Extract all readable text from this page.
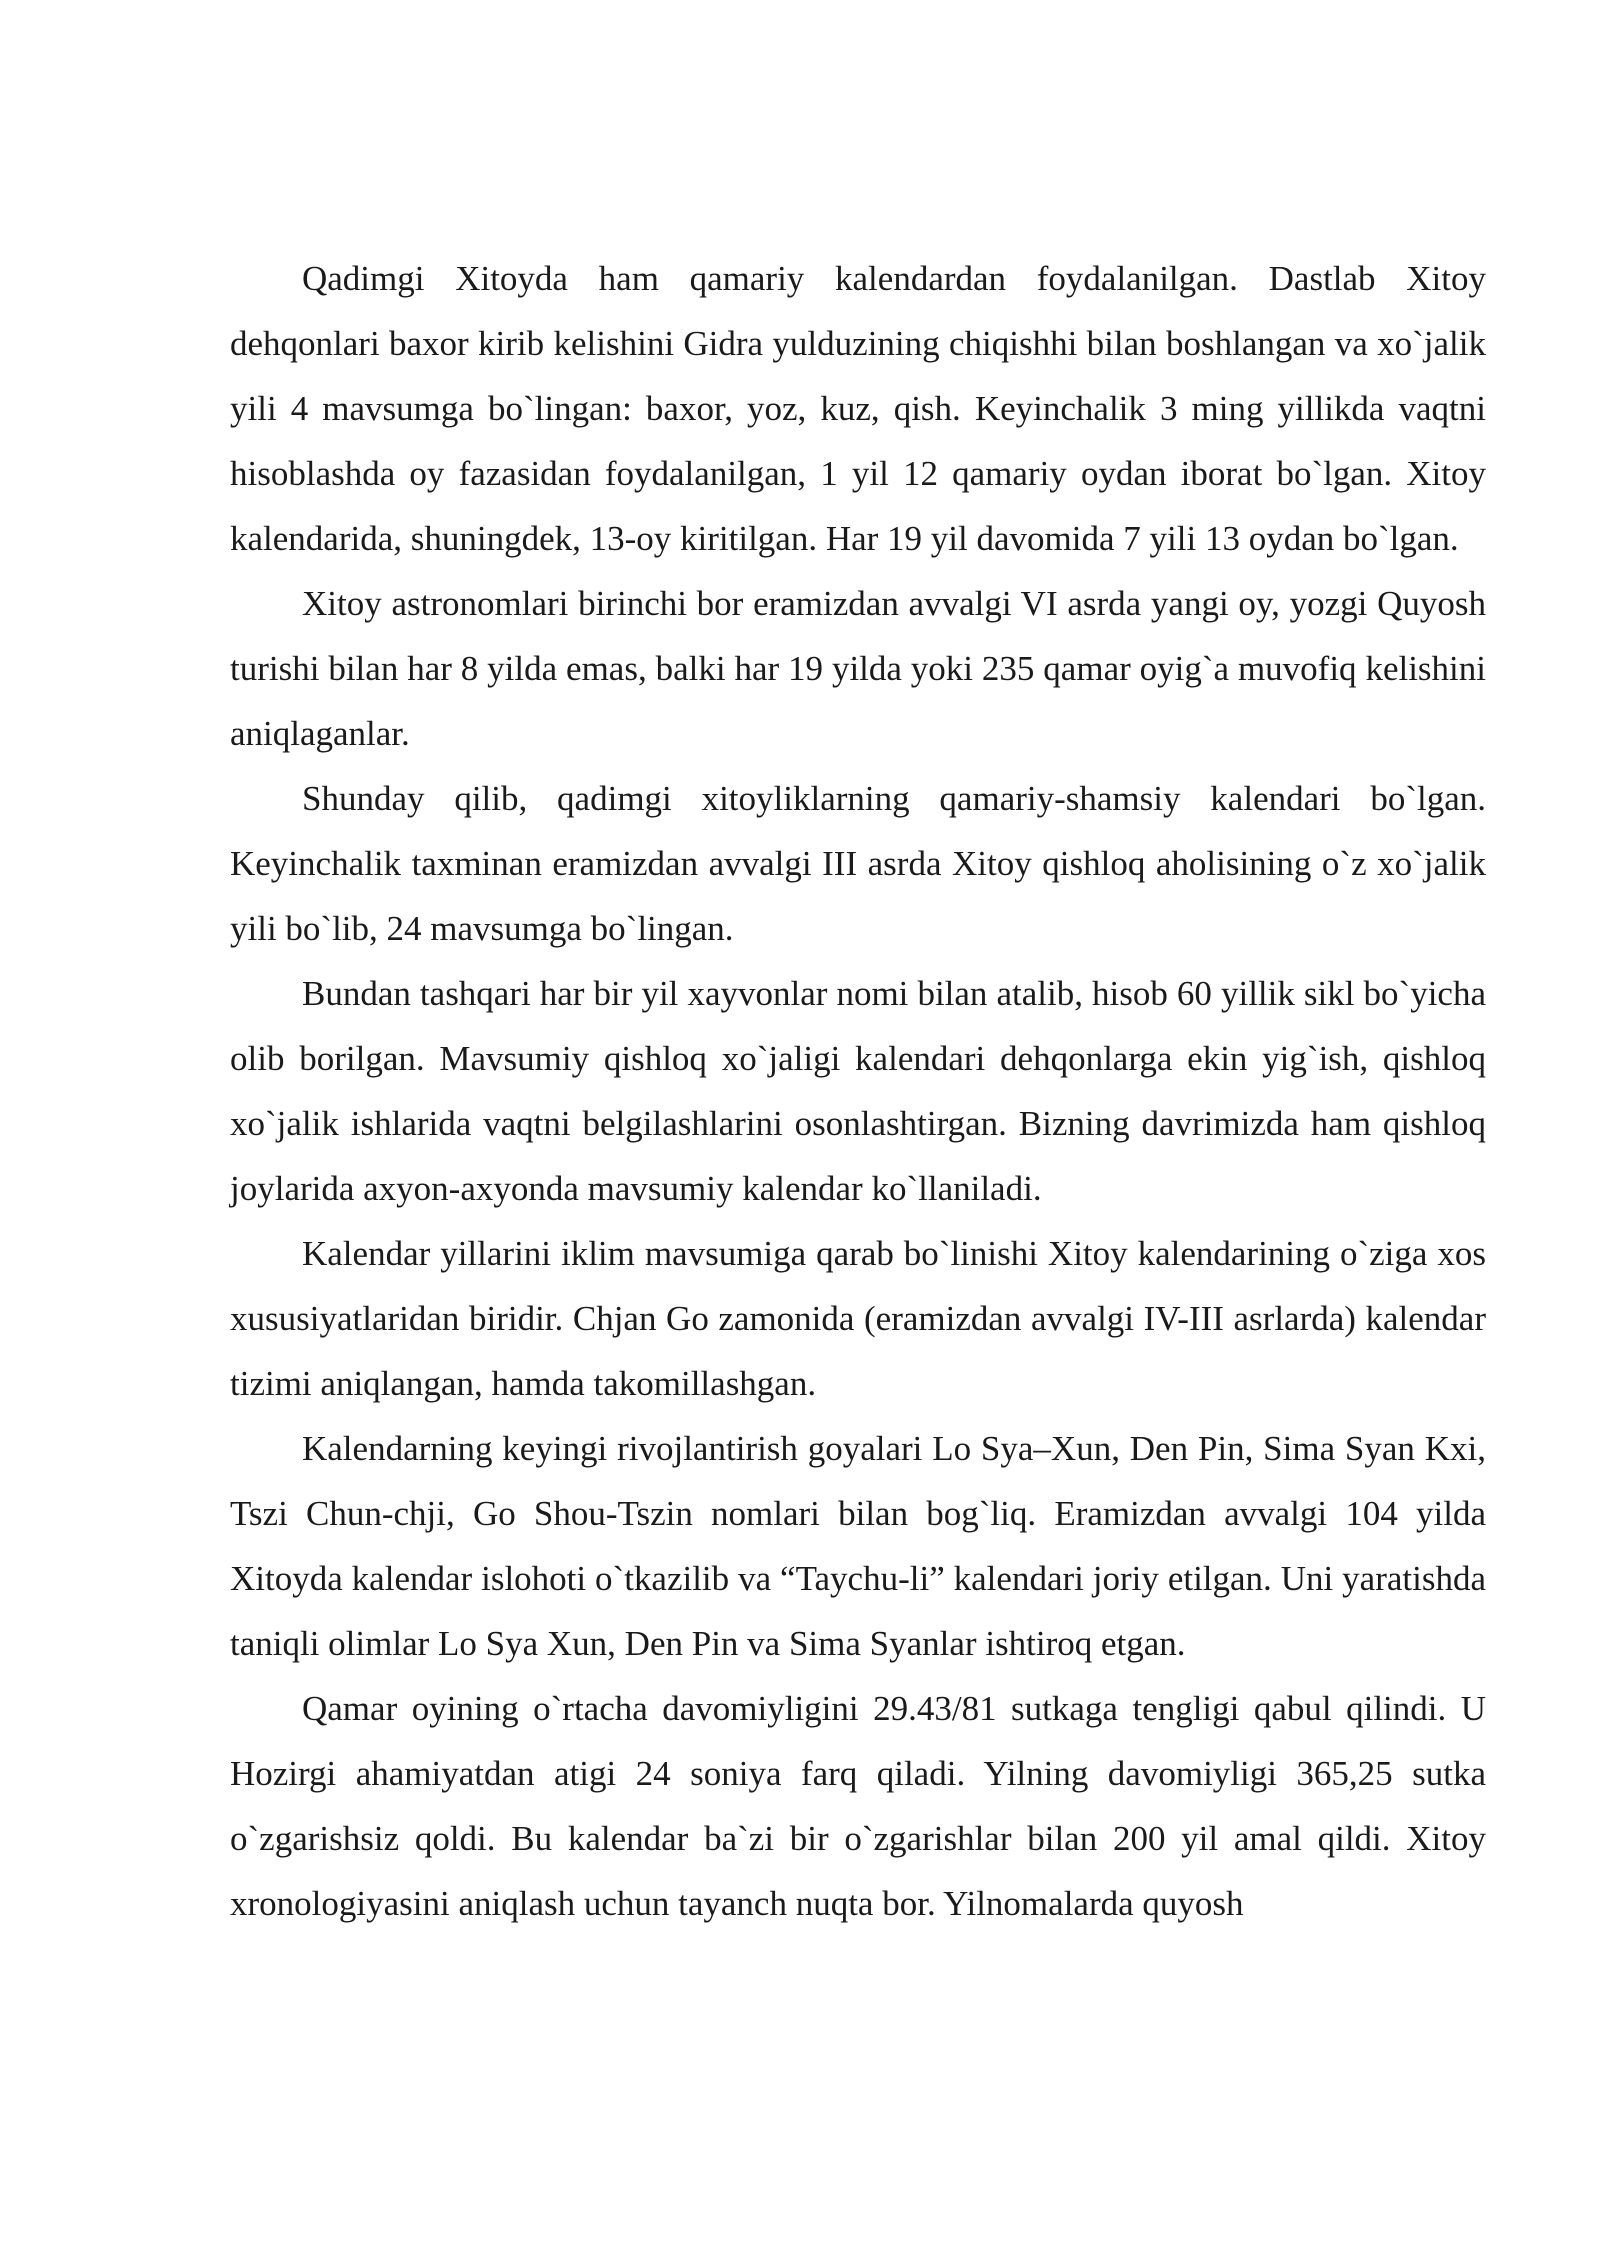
Qadimgi Xitoyda ham qamariy kalendardan foydalanilgan. Dastlab Xitoy dehqonlari baxor kirib kelishini Gidra yulduzining chiqishhi bilan boshlangan va xo`jalik yili 4 mavsumga bo`lingan: baxor, yoz, kuz, qish. Keyinchalik 3 ming yillikda vaqtni hisoblashda oy fazasidan foydalanilgan, 1 yil 12 qamariy oydan iborat bo`lgan. Xitoy kalendarida, shuningdek, 13-oy kiritilgan. Har 19 yil davomida 7 yili 13 oydan bo`lgan.

Xitoy astronomlari birinchi bor eramizdan avvalgi VI asrda yangi oy, yozgi Quyosh turishi bilan har 8 yilda emas, balki har 19 yilda yoki 235 qamar oyig`a muvofiq kelishini aniqlaganlar.

Shunday qilib, qadimgi xitoyliklarning qamariy-shamsiy kalendari bo`lgan. Keyinchalik taxminan eramizdan avvalgi III asrda Xitoy qishloq aholisining o`z xo`jalik yili bo`lib, 24 mavsumga bo`lingan.

Bundan tashqari har bir yil xayvonlar nomi bilan atalib, hisob 60 yillik sikl bo`yicha olib borilgan. Mavsumiy qishloq xo`jaligi kalendari dehqonlarga ekin yig`ish, qishloq xo`jalik ishlarida vaqtni belgilashlarini osonlashtirgan. Bizning davrimizda ham qishloq joylarida axyon-axyonda mavsumiy kalendar ko`llaniladi.

Kalendar yillarini iklim mavsumiga qarab bo`linishi Xitoy kalendarining o`ziga xos xususiyatlaridan biridir. Chjan Go zamonida (eramizdan avvalgi IV-III asrlarda) kalendar tizimi aniqlangan, hamda takomillashgan.

Kalendarning keyingi rivojlantirish goyalari Lo Sya–Xun, Den Pin, Sima Syan Kxi, Tszi Chun-chji, Go Shou-Tszin nomlari bilan bog`liq. Eramizdan avvalgi 104 yilda Xitoyda kalendar islohoti o`tkazilib va “Taychu-li” kalendari joriy etilgan. Uni yaratishda taniqli olimlar Lo Sya Xun, Den Pin va Sima Syanlar ishtiroq etgan.

Qamar oyining o`rtacha davomiyligini 29.43/81 sutkaga tengligi qabul qilindi. U Hozirgi ahamiyatdan atigi 24 soniya farq qiladi. Yilning davomiyligi 365,25 sutka o`zgarishsiz qoldi. Bu kalendar ba`zi bir o`zgarishlar bilan 200 yil amal qildi. Xitoy xronologiyasini aniqlash uchun tayanch nuqta bor. Yilnomalarda quyosh
